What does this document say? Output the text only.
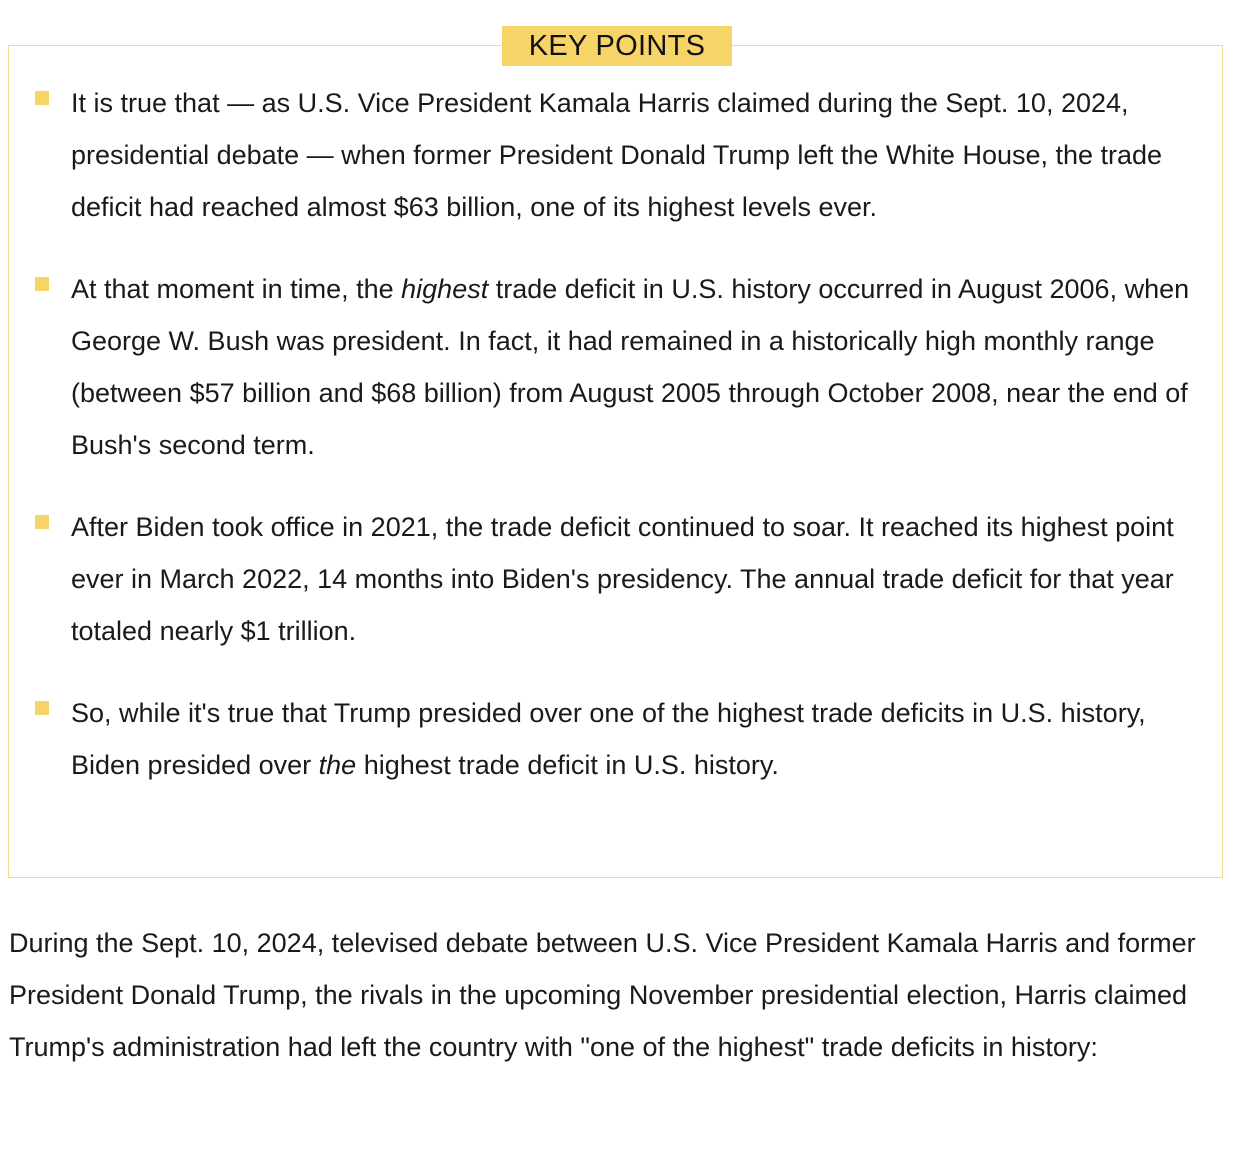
KEY POINTS
It is true that — as U.S. Vice President Kamala Harris claimed during the Sept. 10, 2024, presidential debate — when former President Donald Trump left the White House, the trade deficit had reached almost $63 billion, one of its highest levels ever.
At that moment in time, the highest trade deficit in U.S. history occurred in August 2006, when George W. Bush was president. In fact, it had remained in a historically high monthly range (between $57 billion and $68 billion) from August 2005 through October 2008, near the end of Bush's second term.
After Biden took office in 2021, the trade deficit continued to soar. It reached its highest point ever in March 2022, 14 months into Biden's presidency. The annual trade deficit for that year totaled nearly $1 trillion.
So, while it's true that Trump presided over one of the highest trade deficits in U.S. history, Biden presided over the highest trade deficit in U.S. history.

During the Sept. 10, 2024, televised debate between U.S. Vice President Kamala Harris and former President Donald Trump, the rivals in the upcoming November presidential election, Harris claimed Trump's administration had left the country with "one of the highest" trade deficits in history:
